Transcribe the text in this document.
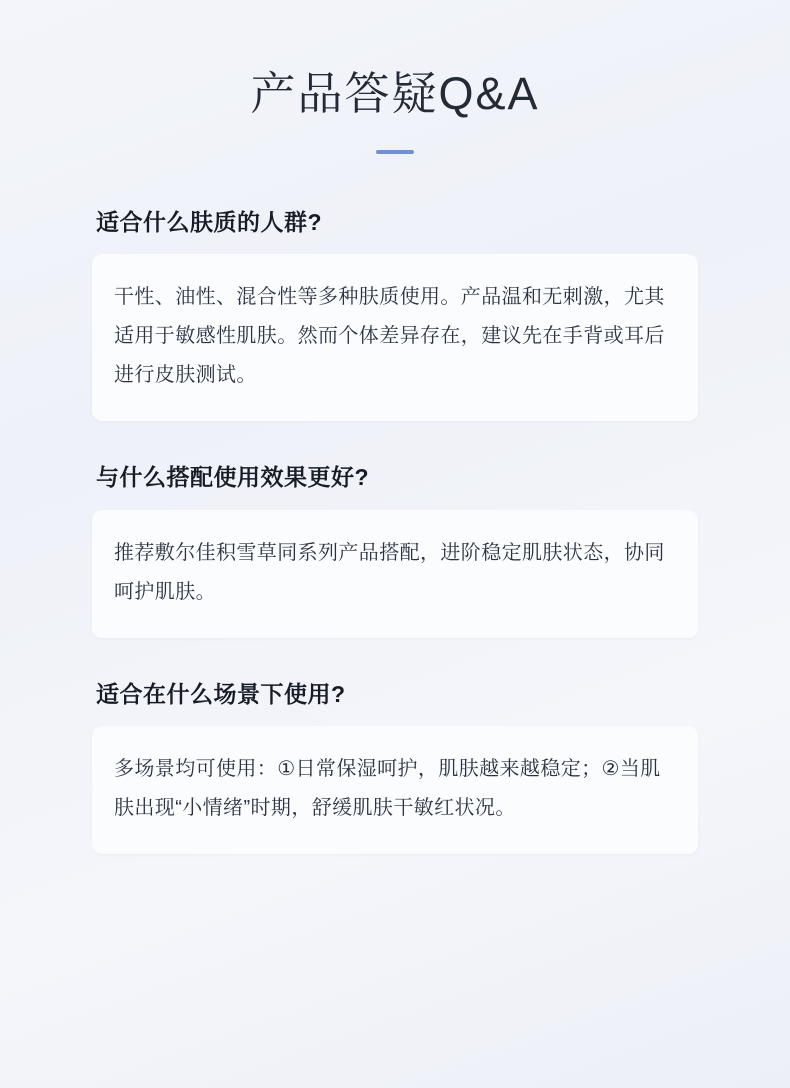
产品答疑Q&A
适合什么肤质的人群?

干性、油性、混合性等多种肤质使用。产品温和无刺激，尤其适用于敏感性肌肤。然而个体差异存在，建议先在手背或耳后进行皮肤测试。

与什么搭配使用效果更好?

推荐敷尔佳积雪草同系列产品搭配，进阶稳定肌肤状态，协同呵护肌肤。

适合在什么场景下使用?

多场景均可使用：①日常保湿呵护，肌肤越来越稳定；②当肌肤出现“小情绪”时期，舒缓肌肤干敏红状况。
